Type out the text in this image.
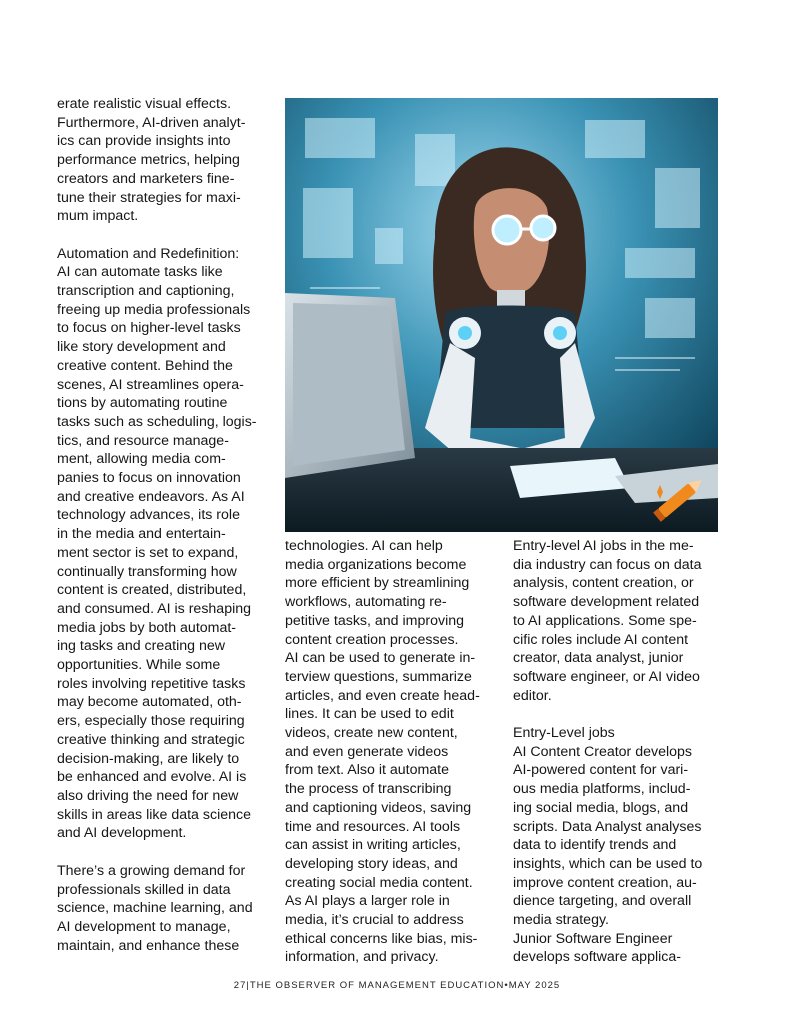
erate realistic visual effects.
Furthermore, AI-driven analyt-
ics can provide insights into
performance metrics, helping
creators and marketers fine-
tune their strategies for maxi-
mum impact.

Automation and Redefinition:
AI can automate tasks like
transcription and captioning,
freeing up media professionals
to focus on higher-level tasks
like story development and
creative content. Behind the
scenes, AI streamlines opera-
tions by automating routine
tasks such as scheduling, logis-
tics, and resource manage-
ment, allowing media com-
panies to focus on innovation
and creative endeavors. As AI
technology advances, its role
in the media and entertain-
ment sector is set to expand,
continually transforming how
content is created, distributed,
and consumed. AI is reshaping
media jobs by both automat-
ing tasks and creating new
opportunities. While some
roles involving repetitive tasks
may become automated, oth-
ers, especially those requiring
creative thinking and strategic
decision-making, are likely to
be enhanced and evolve. AI is
also driving the need for new
skills in areas like data science
and AI development.

There’s a growing demand for
professionals skilled in data
science, machine learning, and
AI development to manage,
maintain, and enhance these

technologies. AI can help
media organizations become
more efficient by streamlining
workflows, automating re-
petitive tasks, and improving
content creation processes.
AI can be used to generate in-
terview questions, summarize
articles, and even create head-
lines. It can be used to edit
videos, create new content,
and even generate videos
from text. Also it automate
the process of transcribing
and captioning videos, saving
time and resources. AI tools
can assist in writing articles,
developing story ideas, and
creating social media content.
As AI plays a larger role in
media, it’s crucial to address
ethical concerns like bias, mis-
information, and privacy.

Entry-level AI jobs in the me-
dia industry can focus on data
analysis, content creation, or
software development related
to AI applications. Some spe-
cific roles include AI content
creator, data analyst, junior
software engineer, or AI video
editor.

Entry-Level jobs
AI Content Creator develops
AI-powered content for vari-
ous media platforms, includ-
ing social media, blogs, and
scripts. Data Analyst analyses
data to identify trends and
insights, which can be used to
improve content creation, au-
dience targeting, and overall
media strategy.
Junior Software Engineer
develops software applica-

27|THE OBSERVER OF MANAGEMENT EDUCATION•MAY 2025
